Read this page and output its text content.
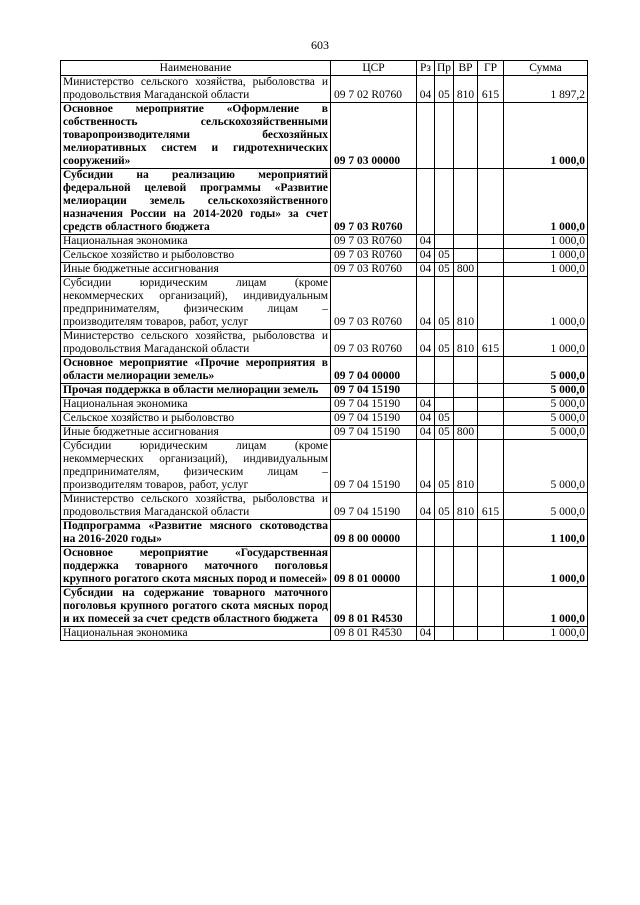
603
Наименование	ЦСР	Рз	Пр	ВР	ГР	Сумма
Министерство сельского хозяйства, рыболовства и продовольствия Магаданской области	09 7 02 R0760	04	05	810	615	1 897,2
Основное мероприятие «Оформление в собственность сельскохозяйственными товаропроизводителями бесхозяйных мелиоративных систем и гидротехнических сооружений»	09 7 03 00000					1 000,0
Субсидии на реализацию мероприятий федеральной целевой программы «Развитие мелиорации земель сельскохозяйственного назначения России на 2014-2020 годы» за счет средств областного бюджета	09 7 03 R0760					1 000,0
Национальная экономика	09 7 03 R0760	04				1 000,0
Сельское хозяйство и рыболовство	09 7 03 R0760	04	05			1 000,0
Иные бюджетные ассигнования	09 7 03 R0760	04	05	800		1 000,0
Субсидии юридическим лицам (кроме некоммерческих организаций), индивидуальным предпринимателям, физическим лицам – производителям товаров, работ, услуг	09 7 03 R0760	04	05	810		1 000,0
Министерство сельского хозяйства, рыболовства и продовольствия Магаданской области	09 7 03 R0760	04	05	810	615	1 000,0
Основное мероприятие «Прочие мероприятия в области мелиорации земель»	09 7 04 00000					5 000,0
Прочая поддержка в области мелиорации земель	09 7 04 15190					5 000,0
Национальная экономика	09 7 04 15190	04				5 000,0
Сельское хозяйство и рыболовство	09 7 04 15190	04	05			5 000,0
Иные бюджетные ассигнования	09 7 04 15190	04	05	800		5 000,0
Субсидии юридическим лицам (кроме некоммерческих организаций), индивидуальным предпринимателям, физическим лицам – производителям товаров, работ, услуг	09 7 04 15190	04	05	810		5 000,0
Министерство сельского хозяйства, рыболовства и продовольствия Магаданской области	09 7 04 15190	04	05	810	615	5 000,0
Подпрограмма «Развитие мясного скотоводства на 2016-2020 годы»	09 8 00 00000					1 100,0
Основное мероприятие «Государственная поддержка товарного маточного поголовья крупного рогатого скота мясных пород и помесей»	09 8 01 00000					1 000,0
Субсидии на содержание товарного маточного поголовья крупного рогатого скота мясных пород и их помесей за счет средств областного бюджета	09 8 01 R4530					1 000,0
Национальная экономика	09 8 01 R4530	04				1 000,0
